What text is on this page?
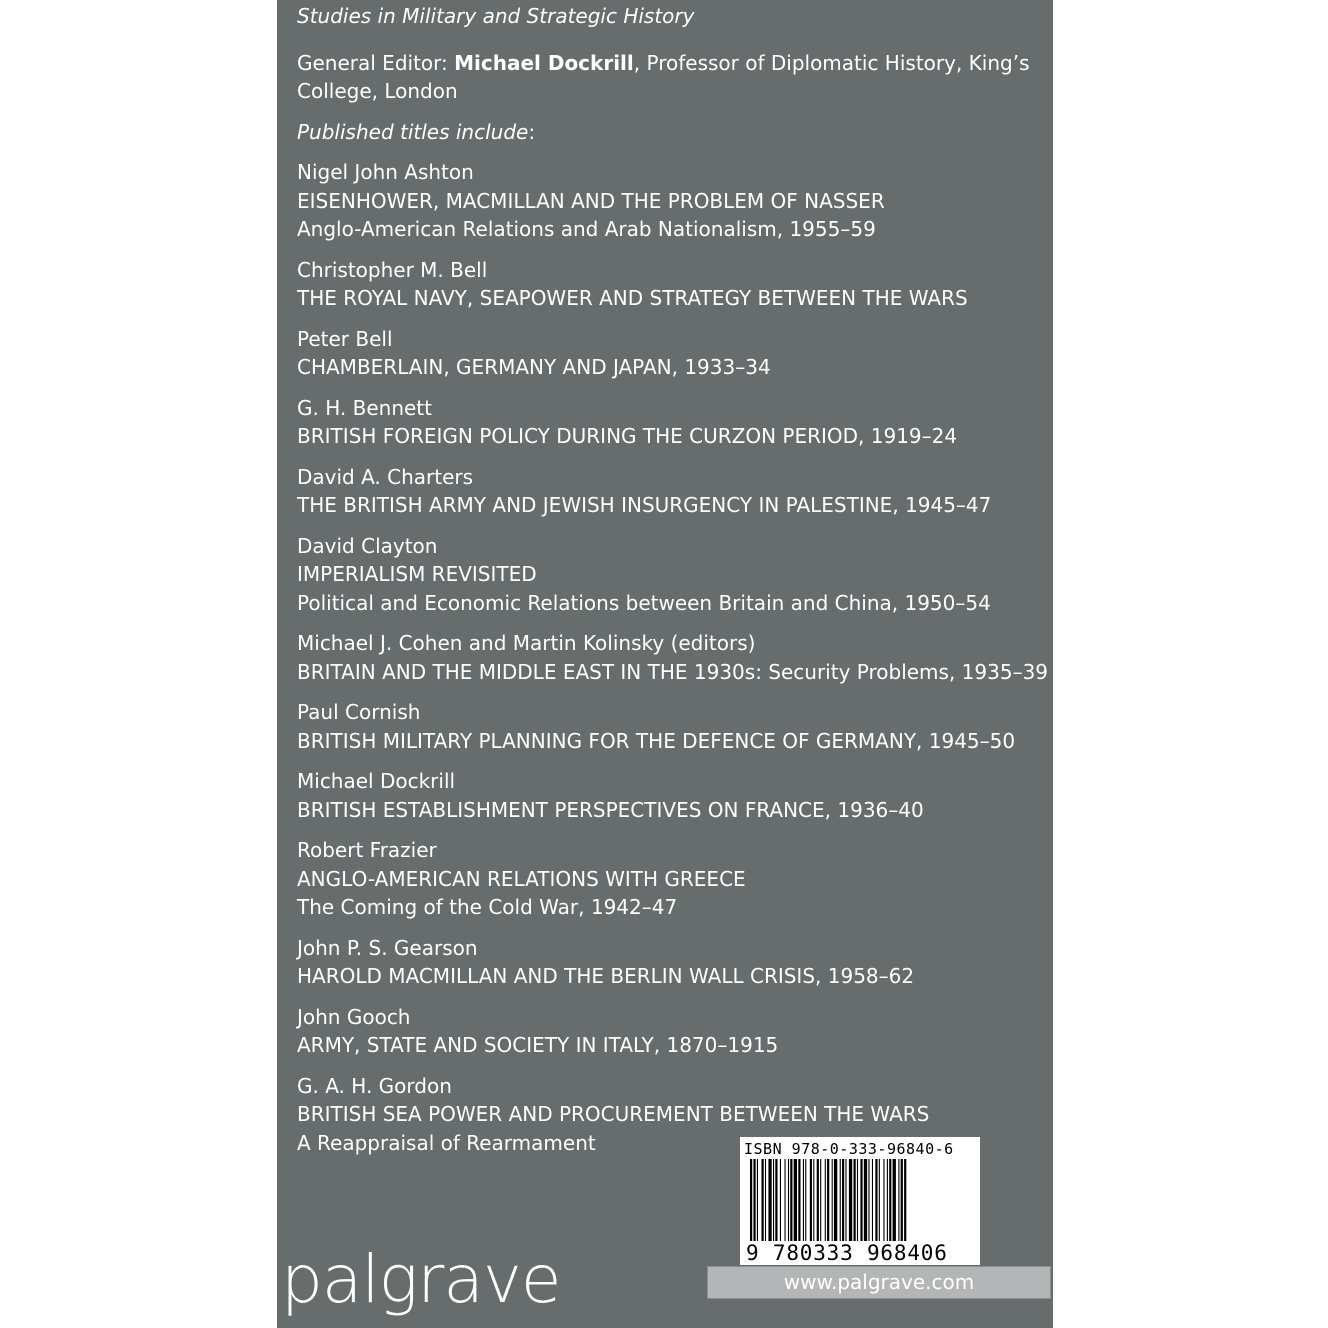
Studies in Military and Strategic History
General Editor: Michael Dockrill, Professor of Diplomatic History, King’s College, London
Published titles include:
Nigel John Ashton
EISENHOWER, MACMILLAN AND THE PROBLEM OF NASSER
Anglo-American Relations and Arab Nationalism, 1955–59
Christopher M. Bell
THE ROYAL NAVY, SEAPOWER AND STRATEGY BETWEEN THE WARS
Peter Bell
CHAMBERLAIN, GERMANY AND JAPAN, 1933–34
G. H. Bennett
BRITISH FOREIGN POLICY DURING THE CURZON PERIOD, 1919–24
David A. Charters
THE BRITISH ARMY AND JEWISH INSURGENCY IN PALESTINE, 1945–47
David Clayton
IMPERIALISM REVISITED
Political and Economic Relations between Britain and China, 1950–54
Michael J. Cohen and Martin Kolinsky (editors)
BRITAIN AND THE MIDDLE EAST IN THE 1930s: Security Problems, 1935–39
Paul Cornish
BRITISH MILITARY PLANNING FOR THE DEFENCE OF GERMANY, 1945–50
Michael Dockrill
BRITISH ESTABLISHMENT PERSPECTIVES ON FRANCE, 1936–40
Robert Frazier
ANGLO-AMERICAN RELATIONS WITH GREECE
The Coming of the Cold War, 1942–47
John P. S. Gearson
HAROLD MACMILLAN AND THE BERLIN WALL CRISIS, 1958–62
John Gooch
ARMY, STATE AND SOCIETY IN ITALY, 1870–1915
G. A. H. Gordon
BRITISH SEA POWER AND PROCUREMENT BETWEEN THE WARS
A Reappraisal of Rearmament	ISBN 978-0-333-96840-6
9 780333 968406
www.palgrave.com
palgrave
